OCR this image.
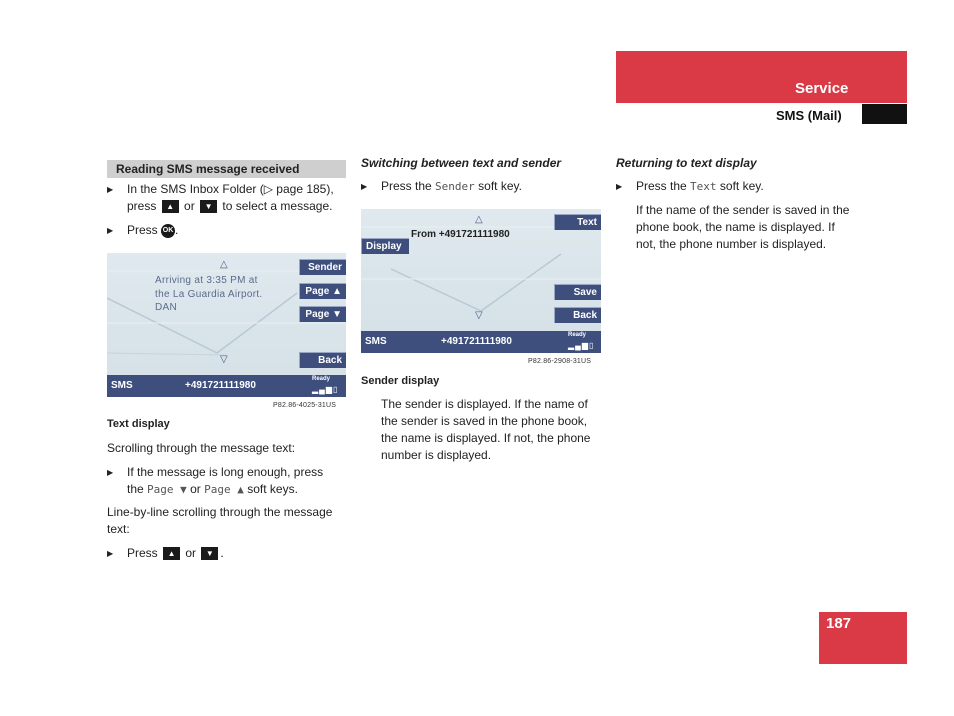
Service
SMS (Mail)
187
Reading SMS message received
▶ In the SMS Inbox Folder (▷ page 185),
press ▲ or ▼ to select a message.
▶ Press OK .
△
Arriving at 3:35 PM at
the La Guardia Airport.
DAN
▽
Sender
Page ▲
Page ▼
Back
SMS	+491721111980
Ready
▂▄▆▯
P82.86-4025-31US
Text display
Scrolling through the message text:
▶ If the message is long enough, press
the Page ▼ or Page ▲ soft keys.
Line-by-line scrolling through the message text:
▶ Press ▲ or ▼ .
Switching between text and sender
▶ Press the Sender soft key.
△
From +491721111980
▽
Display
Text
Save
Back
SMS	+491721111980
Ready
▂▄▆▯
P82.86-2908-31US
Sender display
The sender is displayed. If the name of the sender is saved in the phone book, the name is displayed. If not, the phone number is displayed.
Returning to text display
▶ Press the Text soft key.
If the name of the sender is saved in the phone book, the name is displayed. If not, the phone number is displayed.
